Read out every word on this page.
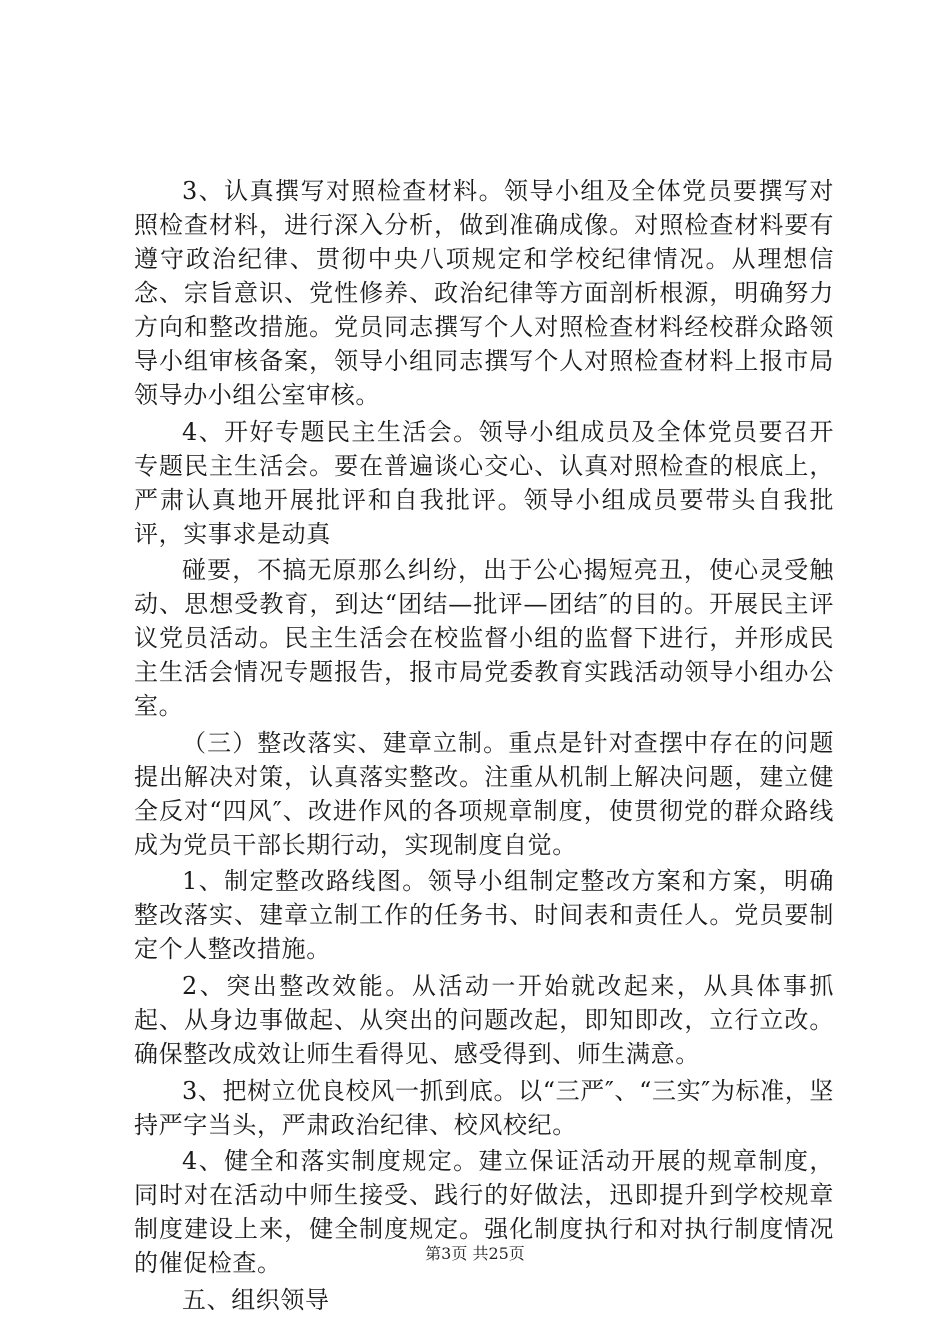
3、认真撰写对照检查材料。领导小组及全体党员要撰写对照检查材料，进行深入分析，做到准确成像。对照检查材料要有遵守政治纪律、贯彻中央八项规定和学校纪律情况。从理想信念、宗旨意识、党性修养、政治纪律等方面剖析根源，明确努力方向和整改措施。党员同志撰写个人对照检查材料经校群众路领导小组审核备案，领导小组同志撰写个人对照检查材料上报市局领导办小组公室审核。

4、开好专题民主生活会。领导小组成员及全体党员要召开专题民主生活会。要在普遍谈心交心、认真对照检查的根底上，严肃认真地开展批评和自我批评。领导小组成员要带头自我批评，实事求是动真

碰要，不搞无原那么纠纷，出于公心揭短亮丑，使心灵受触动、思想受教育，到达“团结—批评—团结″的目的。开展民主评议党员活动。民主生活会在校监督小组的监督下进行，并形成民主生活会情况专题报告，报市局党委教育实践活动领导小组办公室。

（三）整改落实、建章立制。重点是针对查摆中存在的问题提出解决对策，认真落实整改。注重从机制上解决问题，建立健全反对“四风″、改进作风的各项规章制度，使贯彻党的群众路线成为党员干部长期行动，实现制度自觉。

1、制定整改路线图。领导小组制定整改方案和方案，明确整改落实、建章立制工作的任务书、时间表和责任人。党员要制定个人整改措施。

2、突出整改效能。从活动一开始就改起来，从具体事抓起、从身边事做起、从突出的问题改起，即知即改，立行立改。确保整改成效让师生看得见、感受得到、师生满意。

3、把树立优良校风一抓到底。以“三严″、“三实″为标准，坚持严字当头，严肃政治纪律、校风校纪。

4、健全和落实制度规定。建立保证活动开展的规章制度，同时对在活动中师生接受、践行的好做法，迅即提升到学校规章制度建设上来，健全制度规定。强化制度执行和对执行制度情况的催促检查。

五、组织领导

第3页 共25页
